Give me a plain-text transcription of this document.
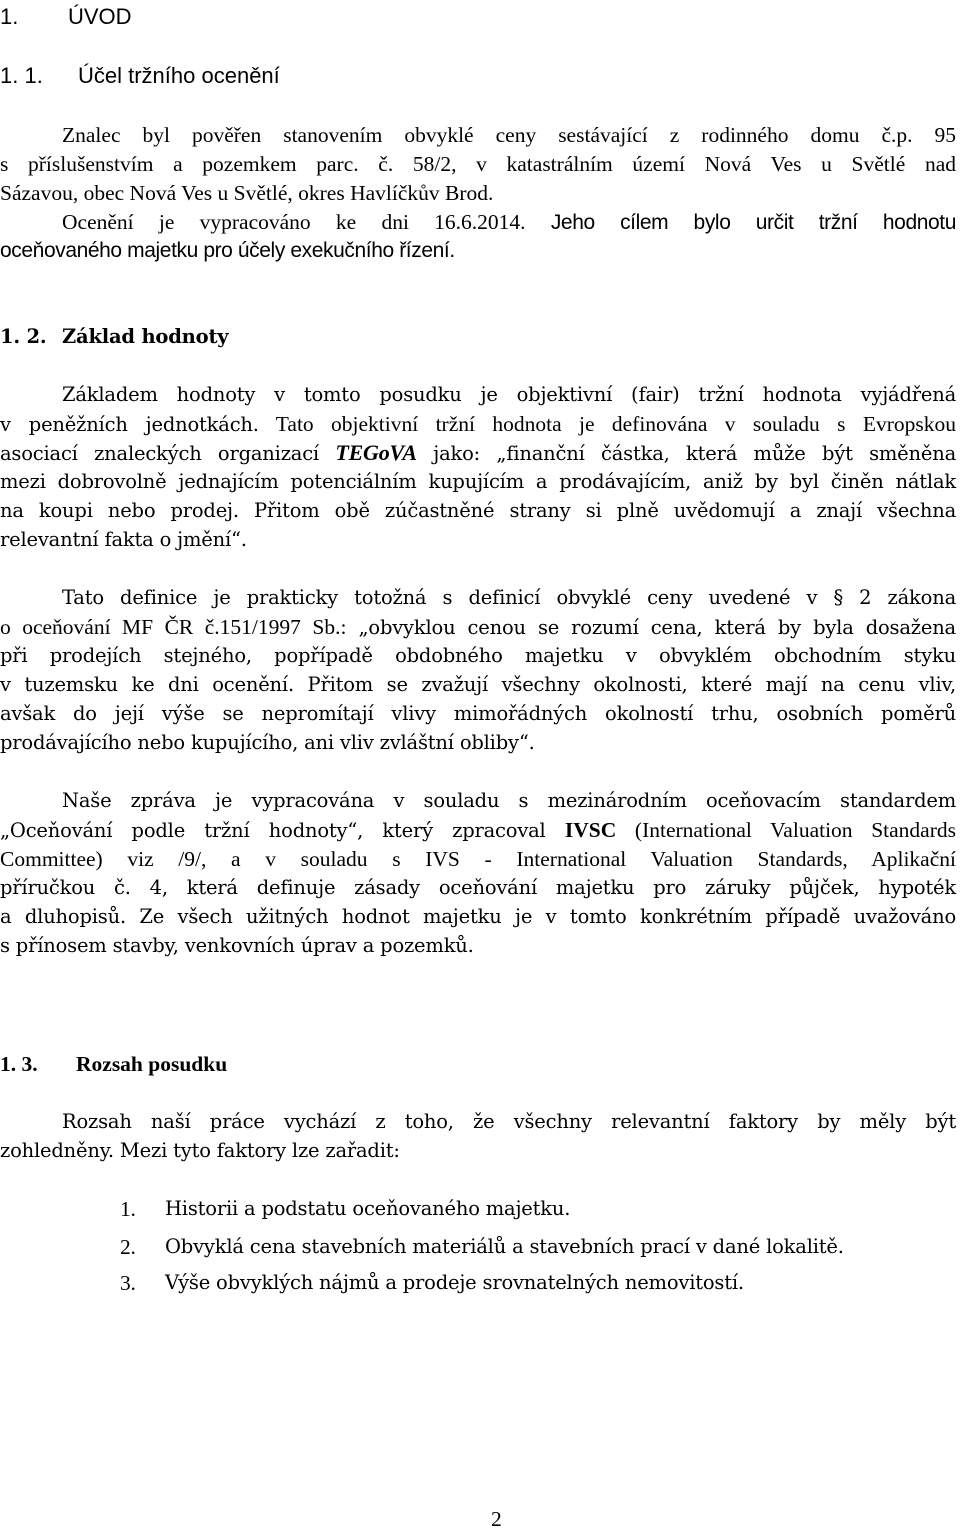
1. ÚVOD
1. 1. Účel tržního ocenění
Znalec byl pověřen stanovením obvyklé ceny sestávající z rodinného domu č.p. 95
s příslušenstvím a pozemkem parc. č. 58/2, v katastrálním území Nová Ves u Světlé nad
Sázavou, obec Nová Ves u Světlé, okres Havlíčkův Brod.
Ocenění je vypracováno ke dni 16.6.2014. Jeho cílem bylo určit tržní hodnotu
oceňovaného majetku pro účely exekučního řízení.
1. 2. Základ hodnoty
Základem hodnoty v tomto posudku je objektivní (fair) tržní hodnota vyjádřená
v peněžních jednotkách. Tato objektivní tržní hodnota je definována v souladu s Evropskou
asociací znaleckých organizací TEGoVA jako: „finanční částka, která může být směněna
mezi dobrovolně jednajícím potenciálním kupujícím a prodávajícím, aniž by byl činěn nátlak
na koupi nebo prodej. Přitom obě zúčastněné strany si plně uvědomují a znají všechna
relevantní fakta o jmění“.
Tato definice je prakticky totožná s definicí obvyklé ceny uvedené v § 2 zákona
o oceňování MF ČR č.151/1997 Sb.: „obvyklou cenou se rozumí cena, která by byla dosažena
při prodejích stejného, popřípadě obdobného majetku v obvyklém obchodním styku
v tuzemsku ke dni ocenění. Přitom se zvažují všechny okolnosti, které mají na cenu vliv,
avšak do její výše se nepromítají vlivy mimořádných okolností trhu, osobních poměrů
prodávajícího nebo kupujícího, ani vliv zvláštní obliby“.
Naše zpráva je vypracována v souladu s mezinárodním oceňovacím standardem
„Oceňování podle tržní hodnoty“, který zpracoval IVSC (International Valuation Standards
Committee) viz /9/, a v souladu s IVS - International Valuation Standards, Aplikační
příručkou č. 4, která definuje zásady oceňování majetku pro záruky půjček, hypoték
a dluhopisů. Ze všech užitných hodnot majetku je v tomto konkrétním případě uvažováno
s přínosem stavby, venkovních úprav a pozemků.
1. 3. Rozsah posudku
Rozsah naší práce vychází z toho, že všechny relevantní faktory by měly být
zohledněny. Mezi tyto faktory lze zařadit:
1. Historii a podstatu oceňovaného majetku.
2. Obvyklá cena stavebních materiálů a stavebních prací v dané lokalitě.
3. Výše obvyklých nájmů a prodeje srovnatelných nemovitostí.
2
